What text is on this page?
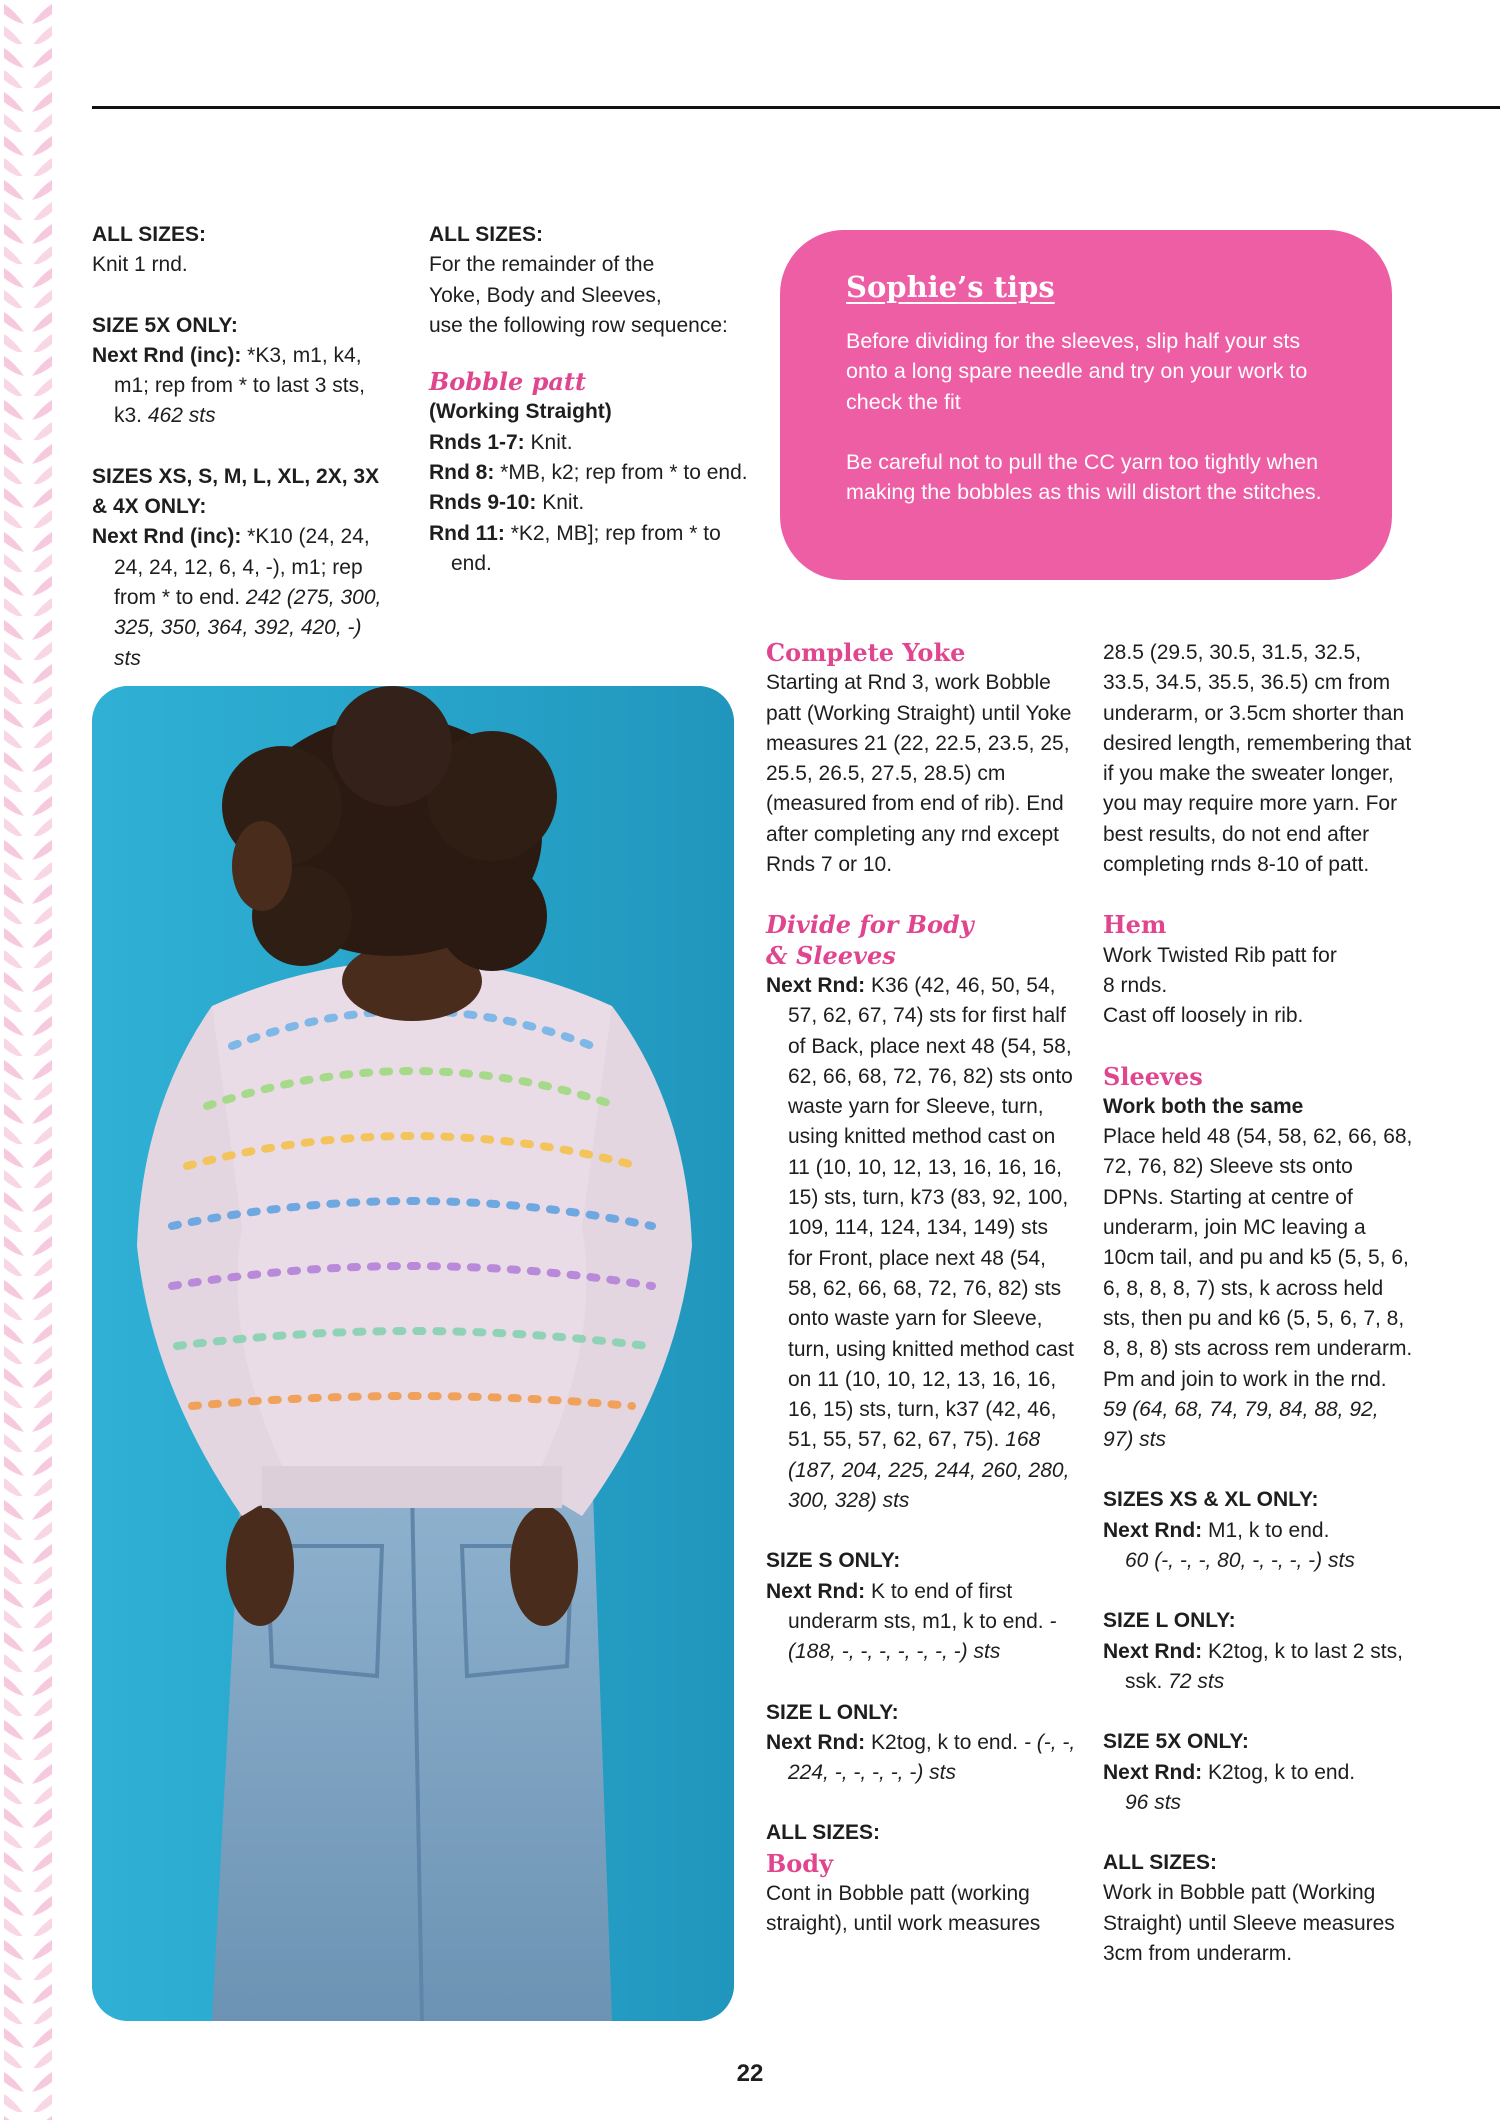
ALL SIZES:

Knit 1 rnd.

SIZE 5X ONLY:

Next Rnd (inc): *K3, m1, k4, m1; rep from * to last 3 sts, k3. 462 sts

SIZES XS, S, M, L, XL, 2X, 3X

& 4X ONLY:

Next Rnd (inc): *K10 (24, 24, 24, 24, 12, 6, 4, -), m1; rep from * to end. 242 (275, 300, 325, 350, 364, 392, 420, -) sts

ALL SIZES:

For the remainder of the

Yoke, Body and Sleeves,

use the following row sequence:

Bobble patt

(Working Straight)

Rnds 1-7: Knit.

Rnd 8: *MB, k2; rep from * to end.

Rnds 9-10: Knit.

Rnd 11: *K2, MB]; rep from * to end.

Sophie’s tips

Before dividing for the sleeves, slip half your sts onto a long spare needle and try on your work to check the fit

Be careful not to pull the CC yarn too tightly when making the bobbles as this will distort the stitches.

Complete Yoke

Starting at Rnd 3, work Bobble patt (Working Straight) until Yoke measures 21 (22, 22.5, 23.5, 25, 25.5, 26.5, 27.5, 28.5) cm (measured from end of rib). End after completing any rnd except Rnds 7 or 10.

Divide for Body

& Sleeves

Next Rnd: K36 (42, 46, 50, 54, 57, 62, 67, 74) sts for first half of Back, place next 48 (54, 58, 62, 66, 68, 72, 76, 82) sts onto waste yarn for Sleeve, turn, using knitted method cast on 11 (10, 10, 12, 13, 16, 16, 16, 15) sts, turn, k73 (83, 92, 100, 109, 114, 124, 134, 149) sts for Front, place next 48 (54, 58, 62, 66, 68, 72, 76, 82) sts onto waste yarn for Sleeve, turn, using knitted method cast on 11 (10, 10, 12, 13, 16, 16, 16, 15) sts, turn, k37 (42, 46, 51, 55, 57, 62, 67, 75). 168 (187, 204, 225, 244, 260, 280, 300, 328) sts

SIZE S ONLY:

Next Rnd: K to end of first underarm sts, m1, k to end. - (188, -, -, -, -, -, -, -) sts

SIZE L ONLY:

Next Rnd: K2tog, k to end. - (-, -, 224, -, -, -, -, -) sts

ALL SIZES:

Body

Cont in Bobble patt (working straight), until work measures

28.5 (29.5, 30.5, 31.5, 32.5, 33.5, 34.5, 35.5, 36.5) cm from underarm, or 3.5cm shorter than desired length, remembering that if you make the sweater longer, you may require more yarn. For best results, do not end after completing rnds 8-10 of patt.

Hem

Work Twisted Rib patt for

8 rnds.

Cast off loosely in rib.

Sleeves

Work both the same

Place held 48 (54, 58, 62, 66, 68, 72, 76, 82) Sleeve sts onto DPNs. Starting at centre of underarm, join MC leaving a 10cm tail, and pu and k5 (5, 5, 6, 6, 8, 8, 8, 7) sts, k across held sts, then pu and k6 (5, 5, 6, 7, 8, 8, 8, 8) sts across rem underarm. Pm and join to work in the rnd. 59 (64, 68, 74, 79, 84, 88, 92, 97) sts

SIZES XS & XL ONLY:

Next Rnd: M1, k to end.
60 (-, -, -, 80, -, -, -, -) sts

SIZE L ONLY:

Next Rnd: K2tog, k to last 2 sts, ssk. 72 sts

SIZE 5X ONLY:

Next Rnd: K2tog, k to end.
96 sts

ALL SIZES:

Work in Bobble patt (Working Straight) until Sleeve measures 3cm from underarm.

22
